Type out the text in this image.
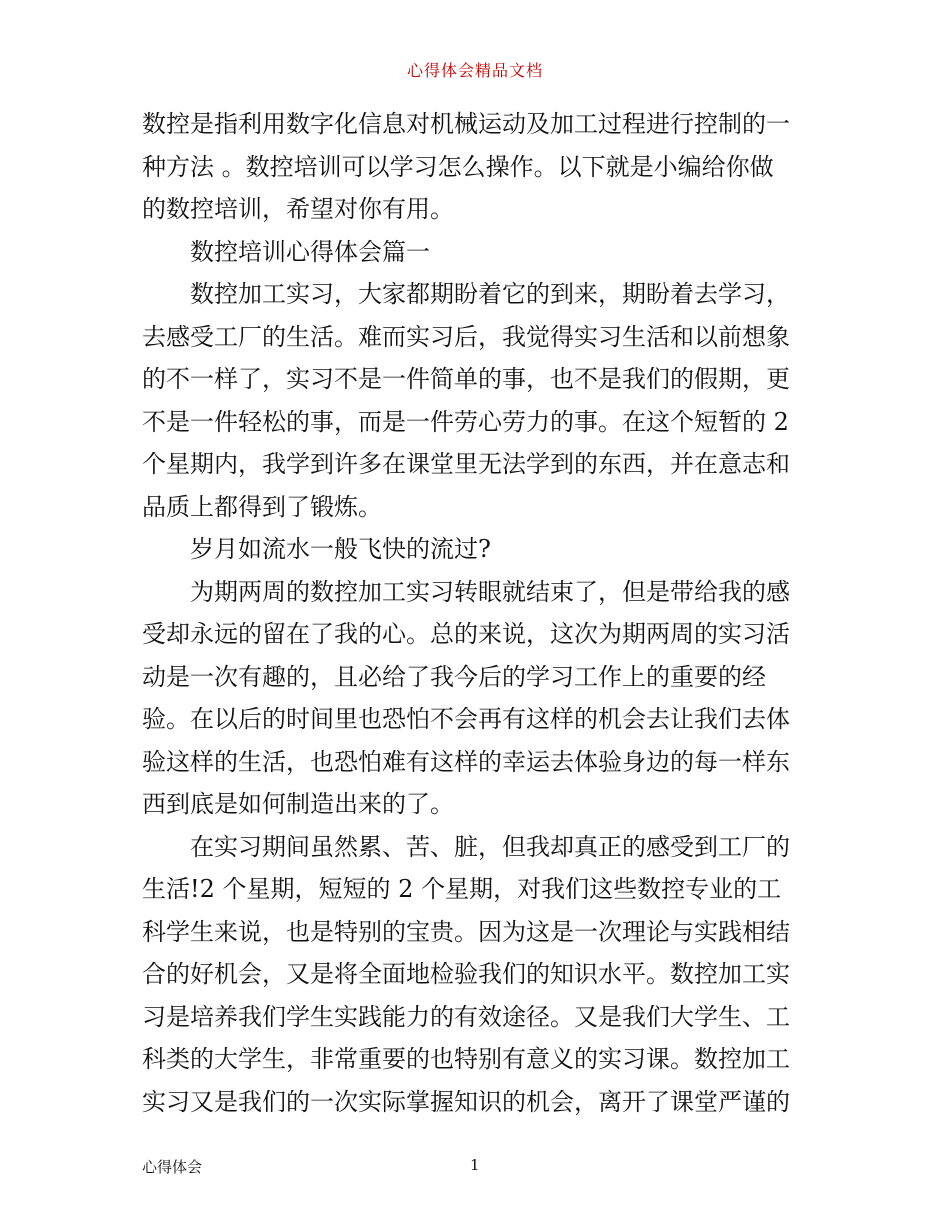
心得体会精品文档
数控是指利用数字化信息对机械运动及加工过程进行控制的一
种方法 。数控培训可以学习怎么操作。以下就是小编给你做
的数控培训，希望对你有用。
数控培训心得体会篇一
数控加工实习，大家都期盼着它的到来，期盼着去学习，
去感受工厂的生活。难而实习后，我觉得实习生活和以前想象
的不一样了，实习不是一件简单的事，也不是我们的假期，更
不是一件轻松的事，而是一件劳心劳力的事。在这个短暂的 2
个星期内，我学到许多在课堂里无法学到的东西，并在意志和
品质上都得到了锻炼。
岁月如流水一般飞快的流过?
为期两周的数控加工实习转眼就结束了，但是带给我的感
受却永远的留在了我的心。总的来说，这次为期两周的实习活
动是一次有趣的，且必给了我今后的学习工作上的重要的经
验。在以后的时间里也恐怕不会再有这样的机会去让我们去体
验这样的生活，也恐怕难有这样的幸运去体验身边的每一样东
西到底是如何制造出来的了。
在实习期间虽然累、苦、脏，但我却真正的感受到工厂的
生活!2 个星期，短短的 2 个星期，对我们这些数控专业的工
科学生来说，也是特别的宝贵。因为这是一次理论与实践相结
合的好机会，又是将全面地检验我们的知识水平。数控加工实
习是培养我们学生实践能力的有效途径。又是我们大学生、工
科类的大学生，非常重要的也特别有意义的实习课。数控加工
实习又是我们的一次实际掌握知识的机会，离开了课堂严谨的
心得体会	1
